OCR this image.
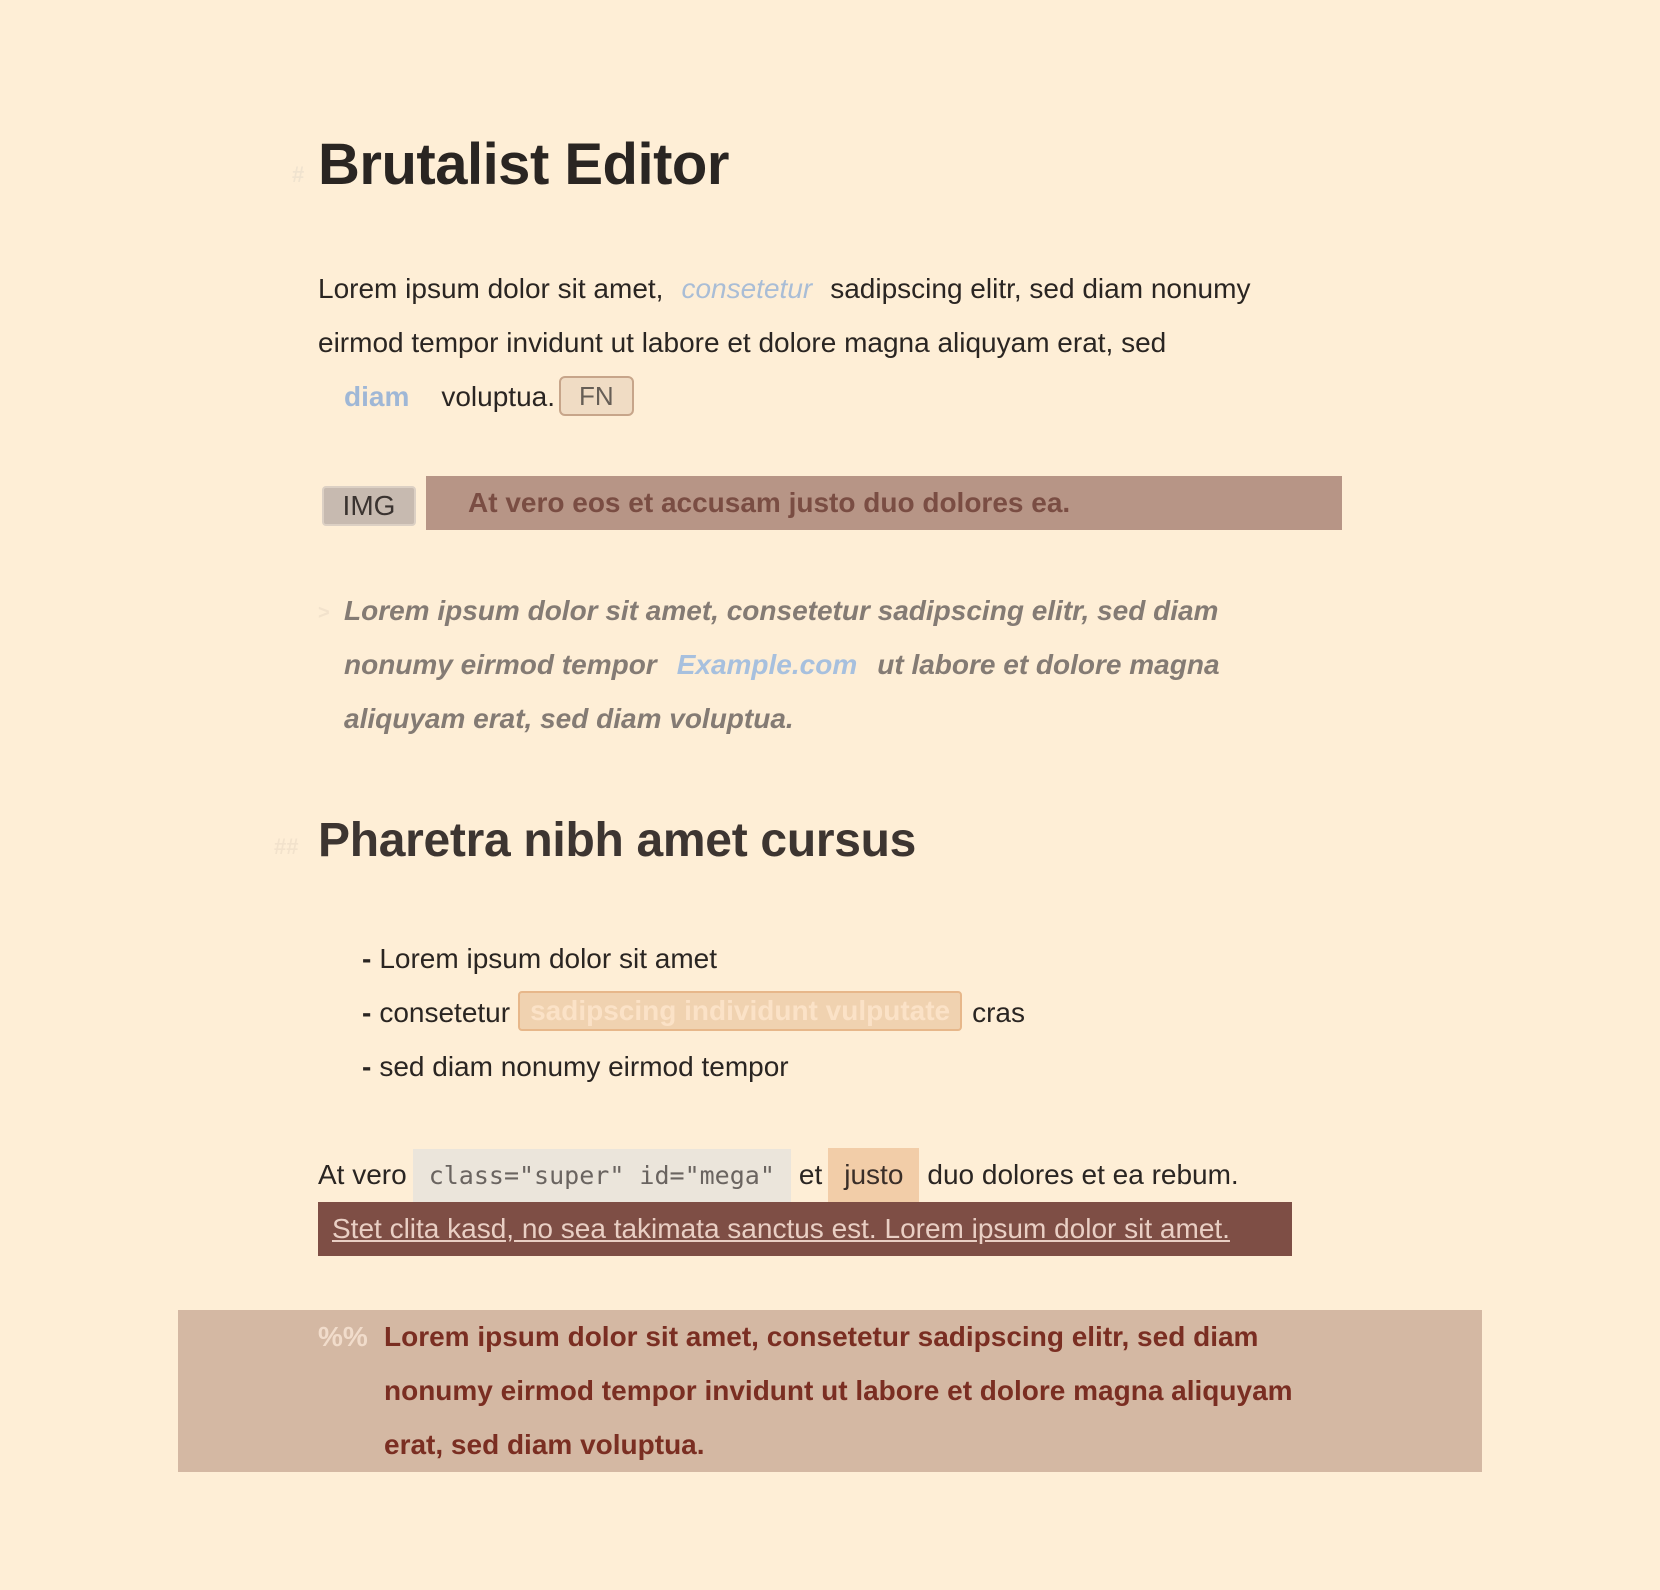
# Brutalist Editor
Lorem ipsum dolor sit amet, consetetur sadipscing elitr, sed diam nonumy
eirmod tempor invidunt ut labore et dolore magna aliquyam erat, sed
diam voluptua. FN
IMG	At vero eos et accusam justo duo dolores ea.
> Lorem ipsum dolor sit amet, consetetur sadipscing elitr, sed diam
nonumy eirmod tempor Example.com ut labore et dolore magna
aliquyam erat, sed diam voluptua.
## Pharetra nibh amet cursus
- Lorem ipsum dolor sit amet
- consetetur sadipscing individunt vulputate cras
- sed diam nonumy eirmod tempor
At vero class="super" id="mega" et justo duo dolores et ea rebum.
Stet clita kasd, no sea takimata sanctus est. Lorem ipsum dolor sit amet.
%% Lorem ipsum dolor sit amet, consetetur sadipscing elitr, sed diam
nonumy eirmod tempor invidunt ut labore et dolore magna aliquyam
erat, sed diam voluptua.
